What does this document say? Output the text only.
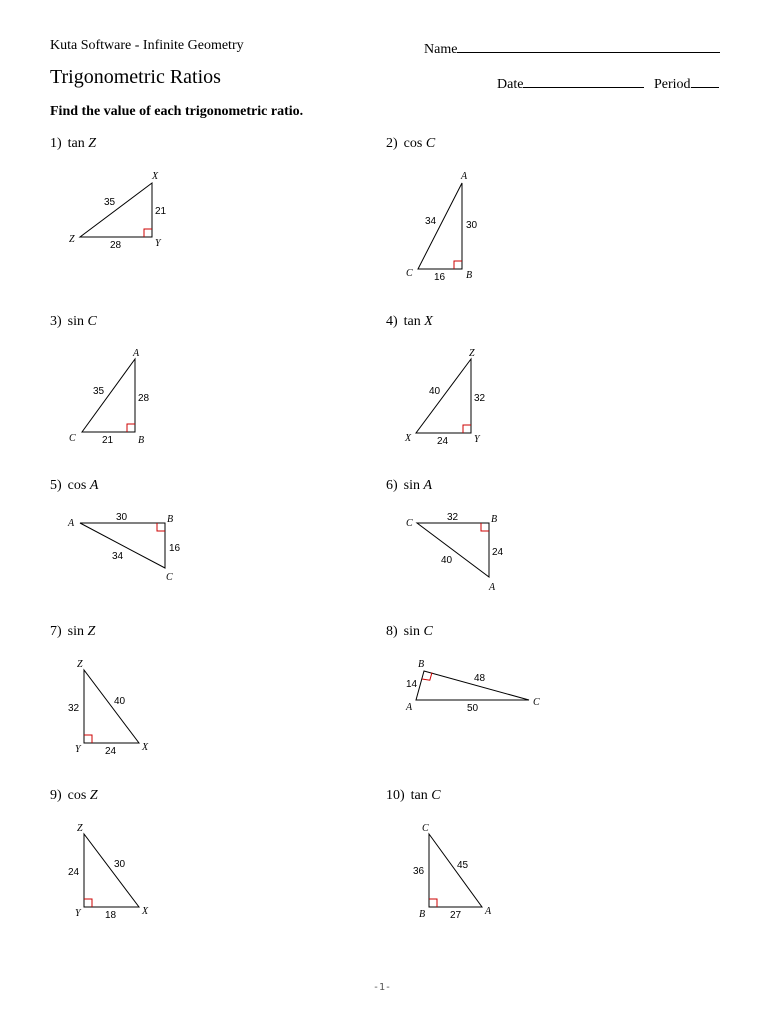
Kuta Software - Infinite Geometry	Name
Trigonometric Ratios	Date	Period
Find the value of each trigonometric ratio.
1) tan Z	2) cos C
3) sin C	4) tan X
5) cos A	6) sin A
7) sin Z	8) sin C
9) cos Z	10) tan C
X
Z	Y
35
21
28
A
C	B
34	30
16
A
C	B
35
28
21
Z
X	Y
40
32
24
A	B
C
30
16
34
C	B
A
32
24
40
Z
Y	X
32
40
24
B
A	C
14
48
50
Z
Y	X
24
30
18
C
B	A
36
45
27
-1-
